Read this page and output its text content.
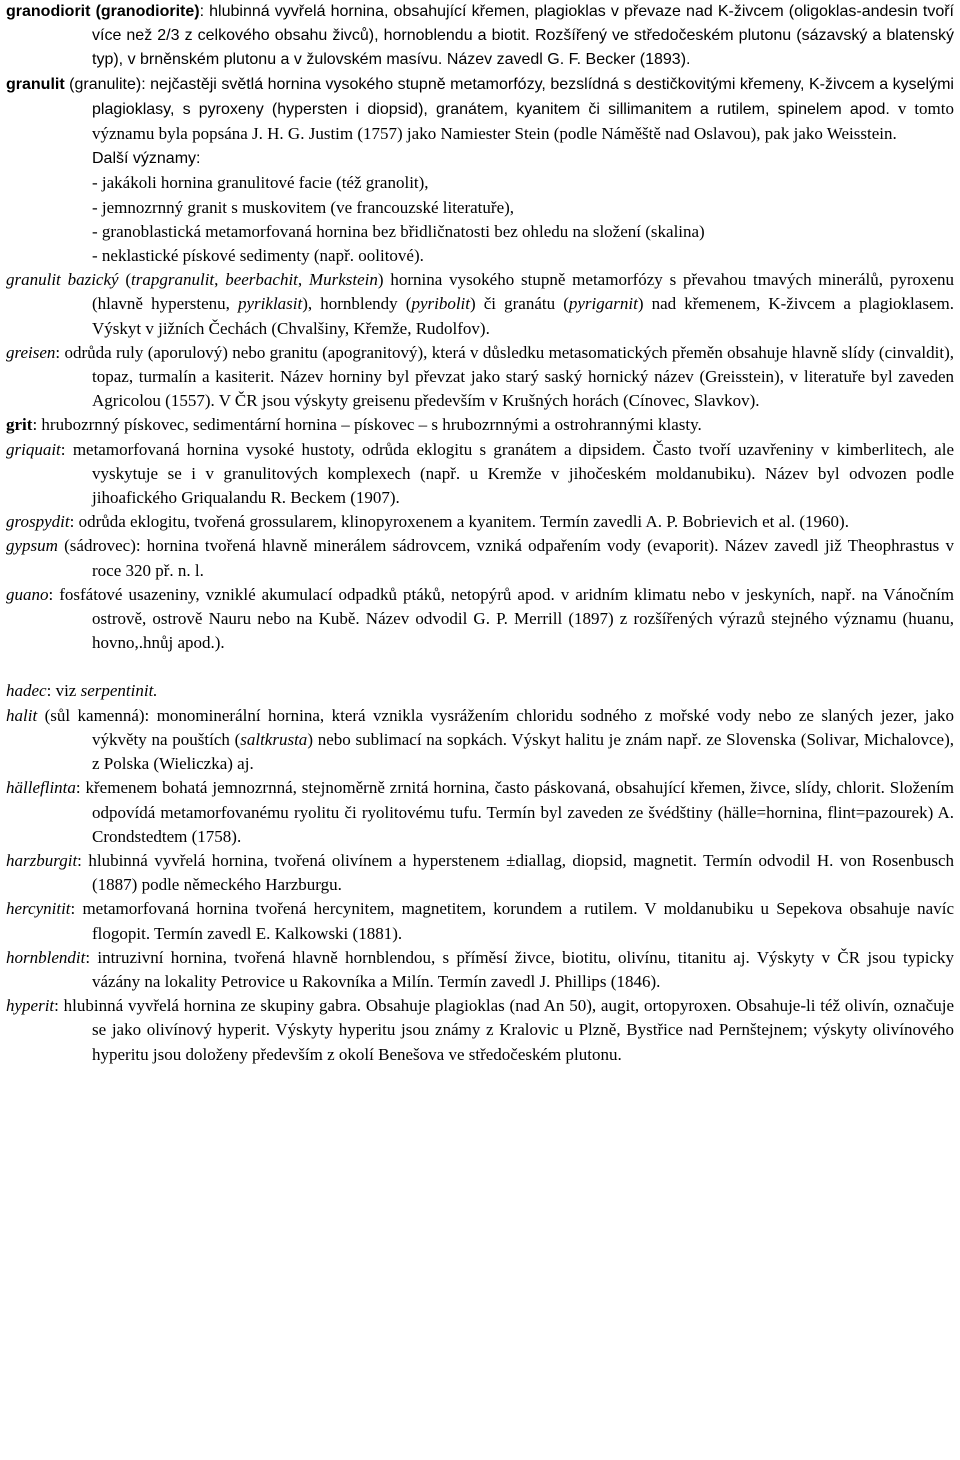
granodiorit (granodiorite): hlubinná vyvřelá hornina, obsahující křemen, plagioklas v převaze nad K-živcem (oligoklas-andesin tvoří více než 2/3 z celkového obsahu živců), hornoblendu a biotit. Rozšířený ve středočeském plutonu (sázavský a blatenský typ), v brněnském plutonu a v žulovském masívu. Název zavedl G. F. Becker (1893).

granulit (granulite): nejčastěji světlá hornina vysokého stupně metamorfózy, bezslídná s destičkovitými křemeny, K-živcem a kyselými plagioklasy, s pyroxeny (hypersten i diopsid), granátem, kyanitem či sillimanitem a rutilem, spinelem apod. v tomto významu byla popsána J. H. G. Justim (1757) jako Namiester Stein (podle Náměště nad Oslavou), pak jako Weisstein.

Další významy:
- jakákoli hornina granulitové facie (též granolit),
- jemnozrnný granit s muskovitem (ve francouzské literatuře),
- granoblastická metamorfovaná hornina bez břidličnatosti bez ohledu na složení (skalina)
- neklastické pískové sedimenty (např. oolitové).

granulit bazický (trapgranulit, beerbachit, Murkstein) hornina vysokého stupně metamorfózy s převahou tmavých minerálů, pyroxenu (hlavně hyperstenu, pyriklasit), hornblendy (pyribolit) či granátu (pyrigarnit) nad křemenem, K-živcem a plagioklasem. Výskyt v jižních Čechách (Chvalšiny, Křemže, Rudolfov).

greisen: odrůda ruly (aporulový) nebo granitu (apogranitový), která v důsledku metasomatických přeměn obsahuje hlavně slídy (cinvaldit), topaz, turmalín a kasiterit. Název horniny byl převzat jako starý saský hornický název (Greisstein), v literatuře byl zaveden Agricolou (1557). V ČR jsou výskyty greisenu především v Krušných horách (Cínovec, Slavkov).

grit: hrubozrnný pískovec, sedimentární hornina – pískovec – s hrubozrnnými a ostrohrannými klasty.

griquait: metamorfovaná hornina vysoké hustoty, odrůda eklogitu s granátem a dipsidem. Často tvoří uzavřeniny v kimberlitech, ale vyskytuje se i v granulitových komplexech (např. u Kremže v jihočeském moldanubiku). Název byl odvozen podle jihoafického Griqualandu R. Beckem (1907).

grospydit: odrůda eklogitu, tvořená grossularem, klinopyroxenem a kyanitem. Termín zavedli A. P. Bobrievich et al. (1960).

gypsum (sádrovec): hornina tvořená hlavně minerálem sádrovcem, vzniká odpařením vody (evaporit). Název zavedl již Theophrastus v roce 320 př. n. l.

guano: fosfátové usazeniny, vzniklé akumulací odpadků ptáků, netopýrů apod. v aridním klimatu nebo v jeskyních, např. na Vánočním ostrově, ostrově Nauru nebo na Kubě. Název odvodil G. P. Merrill (1897) z rozšířených výrazů stejného významu (huanu, hovno,.hnůj apod.).

hadec: viz serpentinit.

halit (sůl kamenná): monominerální hornina, která vznikla vysrážením chloridu sodného z mořské vody nebo ze slaných jezer, jako výkvěty na pouštích (saltkrusta) nebo sublimací na sopkách. Výskyt halitu je znám např. ze Slovenska (Solivar, Michalovce), z Polska (Wieliczka) aj.

hälleflinta: křemenem bohatá jemnozrnná, stejnoměrně zrnitá hornina, často páskovaná, obsahující křemen, živce, slídy, chlorit. Složením odpovídá metamorfovanému ryolitu či ryolitovému tufu. Termín byl zaveden ze švédštiny (hälle=hornina, flint=pazourek) A. Crondstedtem (1758).

harzburgit: hlubinná vyvřelá hornina, tvořená olivínem a hyperstenem ±diallag, diopsid, magnetit. Termín odvodil H. von Rosenbusch (1887) podle německého Harzburgu.

hercynitit: metamorfovaná hornina tvořená hercynitem, magnetitem, korundem a rutilem. V moldanubiku u Sepekova obsahuje navíc flogopit. Termín zavedl E. Kalkowski (1881).

hornblendit: intruzivní hornina, tvořená hlavně hornblendou, s příměsí živce, biotitu, olivínu, titanitu aj. Výskyty v ČR jsou typicky vázány na lokality Petrovice u Rakovníka a Milín. Termín zavedl J. Phillips (1846).

hyperit: hlubinná vyvřelá hornina ze skupiny gabra. Obsahuje plagioklas (nad An 50), augit, ortopyroxen. Obsahuje-li též olivín, označuje se jako olivínový hyperit. Výskyty hyperitu jsou známy z Kralovic u Plzně, Bystřice nad Pernštejnem; výskyty olivínového hyperitu jsou doloženy především z okolí Benešova ve středočeském plutonu.
